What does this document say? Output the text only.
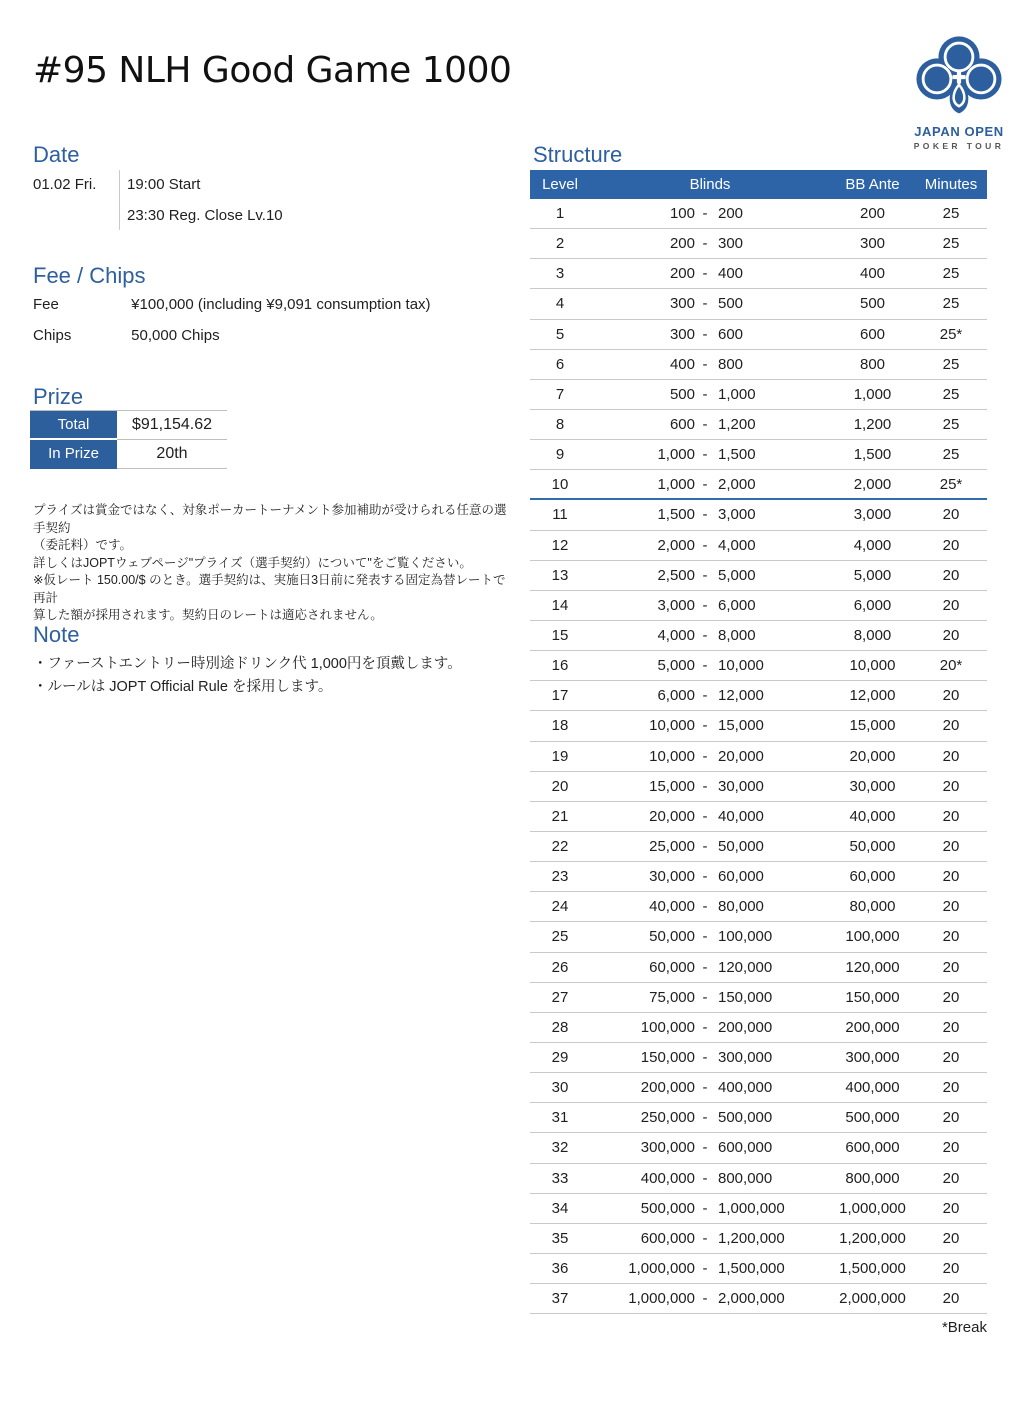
#95 NLH Good Game 1000
JAPAN OPEN
POKER TOUR
Date
01.02 Fri. 19:00 Start
23:30 Reg. Close Lv.10
Fee / Chips
Fee	¥100,000 (including ¥9,091 consumption tax)
Chips	50,000 Chips
Prize
Total	$91,154.62
In Prize	20th
プライズは賞金ではなく、対象ポーカートーナメント参加補助が受けられる任意の選手契約
（委託料）です。
詳しくはJOPTウェブページ"プライズ（選手契約）について"をご覧ください。
※仮レート 150.00/$ のとき。選手契約は、実施日3日前に発表する固定為替レートで再計
算した額が採用されます。契約日のレートは適応されません。
Note
・ファーストエントリー時別途ドリンク代 1,000円を頂戴します。
・ルールは JOPT Official Rule を採用します。
Structure
Level	Blinds	BB Ante	Minutes
1	100 - 200	200	25
2	200 - 300	300	25
3	200 - 400	400	25
4	300 - 500	500	25
5	300 - 600	600	25*
6	400 - 800	800	25
7	500 - 1,000	1,000	25
8	600 - 1,200	1,200	25
9	1,000 - 1,500	1,500	25
10	1,000 - 2,000	2,000	25*
11	1,500 - 3,000	3,000	20
12	2,000 - 4,000	4,000	20
13	2,500 - 5,000	5,000	20
14	3,000 - 6,000	6,000	20
15	4,000 - 8,000	8,000	20
16	5,000 - 10,000	10,000	20*
17	6,000 - 12,000	12,000	20
18	10,000 - 15,000	15,000	20
19	10,000 - 20,000	20,000	20
20	15,000 - 30,000	30,000	20
21	20,000 - 40,000	40,000	20
22	25,000 - 50,000	50,000	20
23	30,000 - 60,000	60,000	20
24	40,000 - 80,000	80,000	20
25	50,000 - 100,000	100,000	20
26	60,000 - 120,000	120,000	20
27	75,000 - 150,000	150,000	20
28	100,000 - 200,000	200,000	20
29	150,000 - 300,000	300,000	20
30	200,000 - 400,000	400,000	20
31	250,000 - 500,000	500,000	20
32	300,000 - 600,000	600,000	20
33	400,000 - 800,000	800,000	20
34	500,000 - 1,000,000	1,000,000	20
35	600,000 - 1,200,000	1,200,000	20
36	1,000,000 - 1,500,000	1,500,000	20
37	1,000,000 - 2,000,000	2,000,000	20
*Break
